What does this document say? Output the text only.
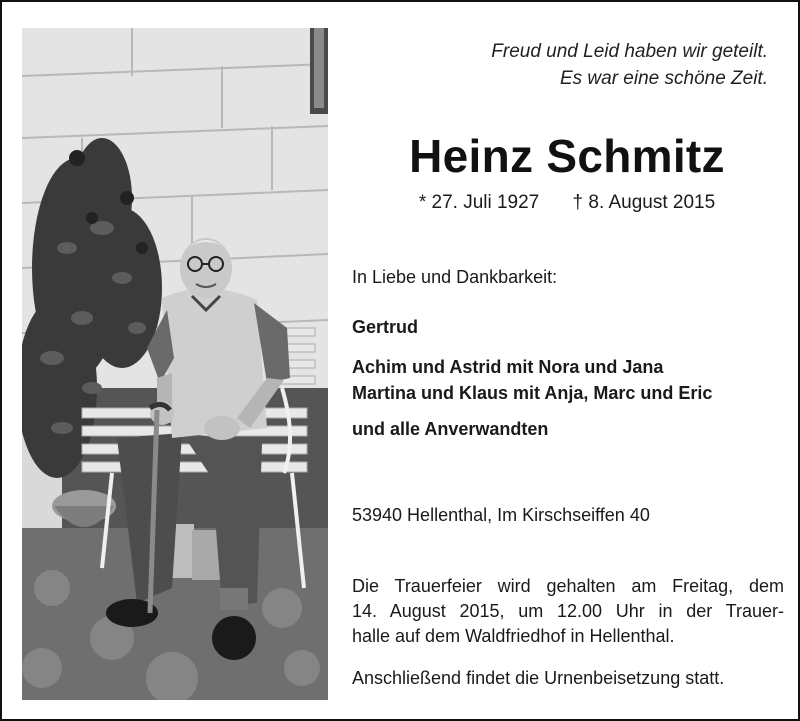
Freud und Leid haben wir geteilt.
Es war eine schöne Zeit.
Heinz Schmitz
* 27. Juli 1927 † 8. August 2015
In Liebe und Dankbarkeit:
Gertrud
Achim und Astrid mit Nora und Jana
Martina und Klaus mit Anja, Marc und Eric
und alle Anverwandten
53940 Hellenthal, Im Kirschseiffen 40
Die Trauerfeier wird gehalten am Freitag, dem
14. August 2015, um 12.00 Uhr in der Trauer-
halle auf dem Waldfriedhof in Hellenthal.
Anschließend findet die Urnenbeisetzung statt.
